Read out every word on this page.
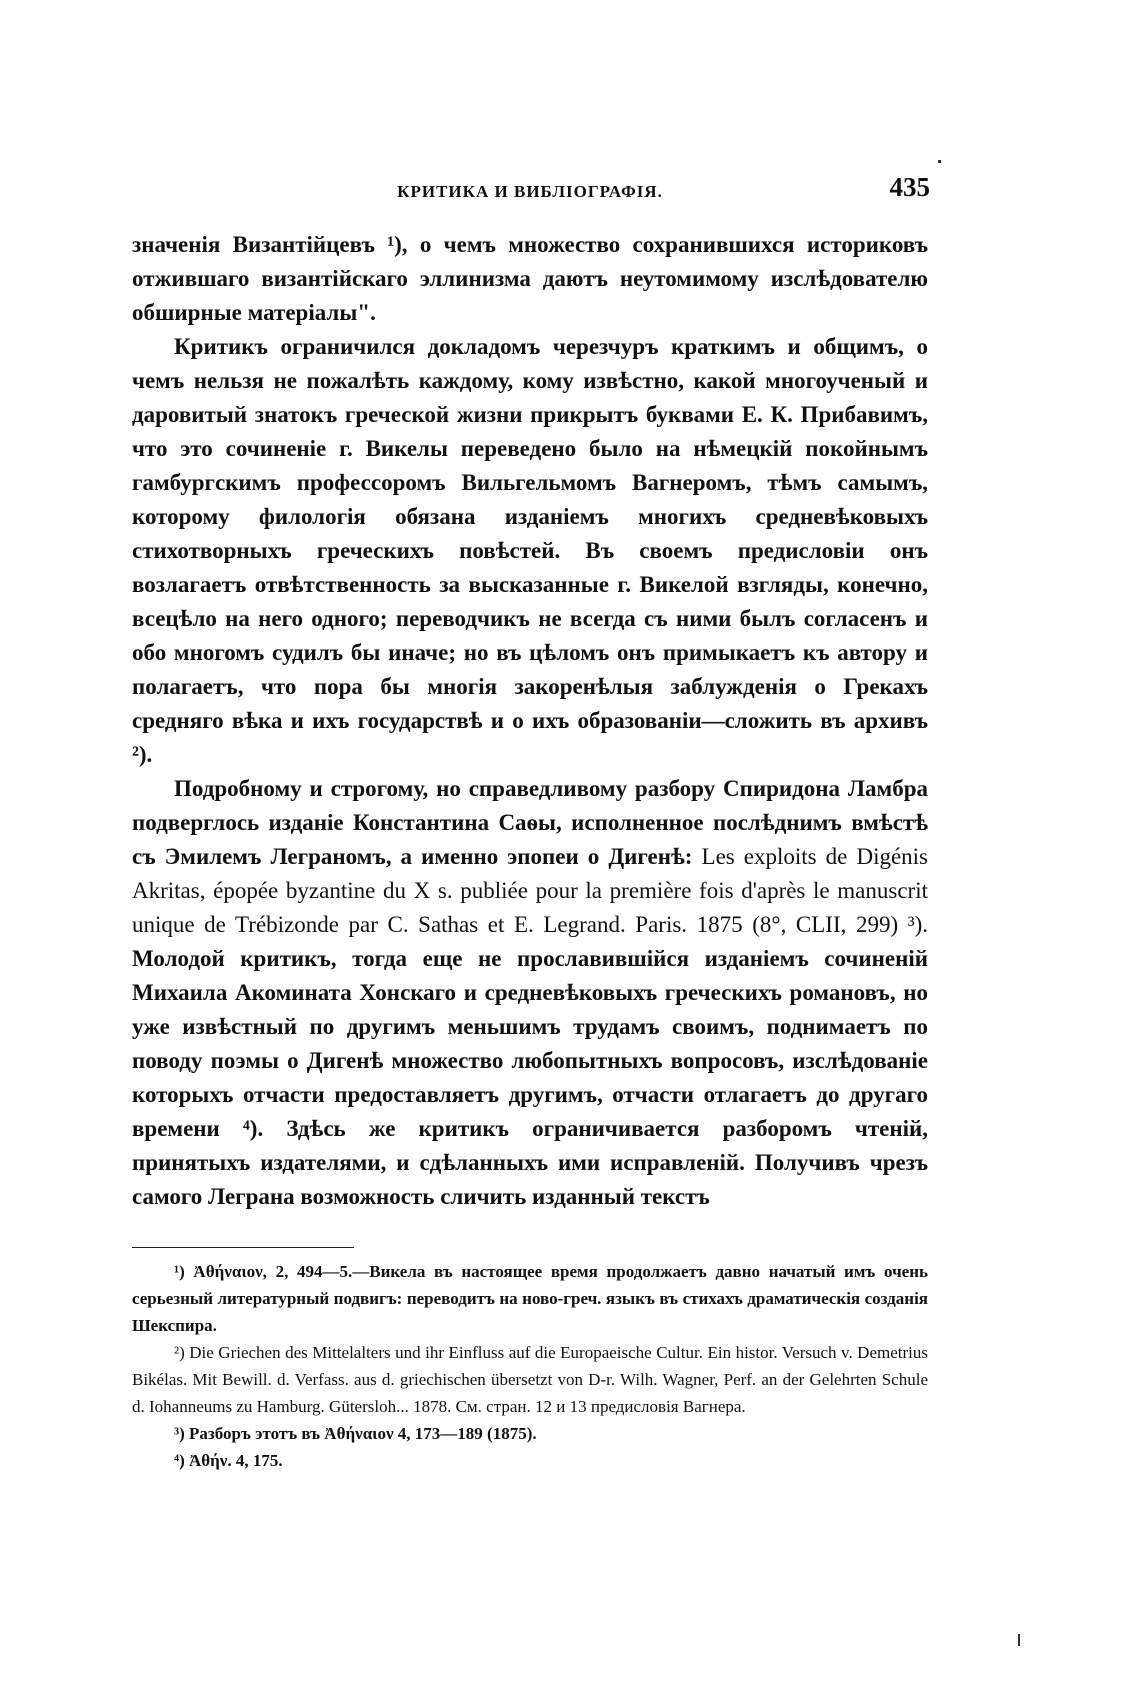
КРИТИКА И ВИБЛІОГРАФІЯ.	435

значенія Византійцевъ ¹), о чемъ множество сохранившихся историковъ отжившаго византійскаго эллинизма даютъ неутомимому изслѣдователю обширные матеріалы".

Критикъ ограничился докладомъ черезчуръ краткимъ и общимъ, о чемъ нельзя не пожалѣть каждому, кому извѣстно, какой многоученый и даровитый знатокъ греческой жизни прикрытъ буквами Е. К. Прибавимъ, что это сочиненіе г. Викелы переведено было на нѣмецкій покойнымъ гамбургскимъ профессоромъ Вильгельмомъ Вагнеромъ, тѣмъ самымъ, которому филологія обязана изданіемъ многихъ средневѣковыхъ стихотворныхъ греческихъ повѣстей. Въ своемъ предисловіи онъ возлагаетъ отвѣтственность за высказанные г. Викелой взгляды, конечно, всецѣло на него одного; переводчикъ не всегда съ ними былъ согласенъ и обо многомъ судилъ бы иначе; но въ цѣломъ онъ примыкаетъ къ автору и полагаетъ, что пора бы многія закоренѣлыя заблужденія о Грекахъ средняго вѣка и ихъ государствѣ и о ихъ образованіи—сложить въ архивъ ²).

Подробному и строгому, но справедливому разбору Спиридона Ламбра подверглось изданіе Константина Саѳы, исполненное послѣднимъ вмѣстѣ съ Эмилемъ Леграномъ, а именно эпопеи о Дигенѣ: Les exploits de Digénis Akritas, épopée byzantine du X s. publiée pour la première fois d'après le manuscrit unique de Trébizonde par C. Sathas et E. Legrand. Paris. 1875 (8°, CLII, 299) ³). Молодой критикъ, тогда еще не прославившійся изданіемъ сочиненій Михаила Акомината Хонскаго и средневѣковыхъ греческихъ романовъ, но уже извѣстный по другимъ меньшимъ трудамъ своимъ, поднимаетъ по поводу поэмы о Дигенѣ множество любопытныхъ вопросовъ, изслѣдованіе которыхъ отчасти предоставляетъ другимъ, отчасти отлагаетъ до другаго времени ⁴). Здѣсь же критикъ ограничивается разборомъ чтеній, принятыхъ издателями, и сдѣланныхъ ими исправленій. Получивъ чрезъ самого Леграна возможность сличить изданный текстъ

¹) Ἀθήναιον, 2, 494—5.—Викела въ настоящее время продолжаетъ давно начатый имъ очень серьезный литературный подвигъ: переводитъ на ново-греч. языкъ въ стихахъ драматическія созданія Шекспира.

²) Die Griechen des Mittelalters und ihr Einfluss auf die Europaeische Cultur. Ein histor. Versuch v. Demetrius Bikélas. Mit Bewill. d. Verfass. aus d. griechischen übersetzt von D-r. Wilh. Wagner, Perf. an der Gelehrten Schule d. Iohanneums zu Hamburg. Gütersloh... 1878. См. стран. 12 и 13 предисловія Вагнера.

³) Разборъ этотъ въ Ἀθήναιον 4, 173—189 (1875).

⁴) Ἀθήν. 4, 175.
